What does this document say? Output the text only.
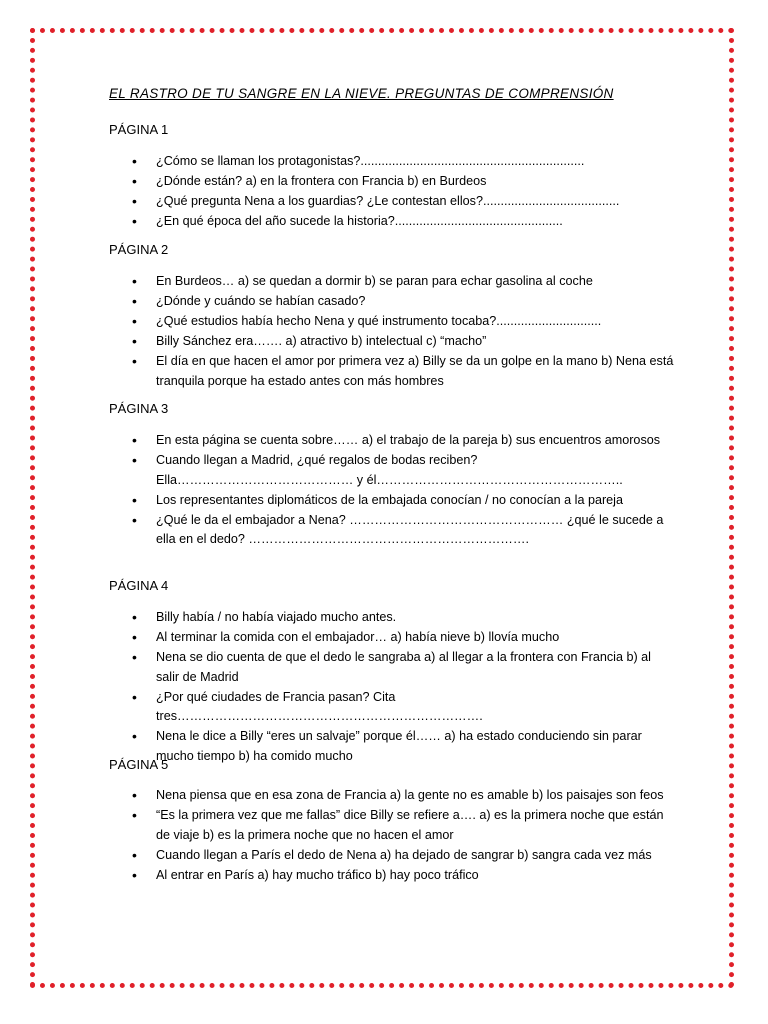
EL RASTRO DE TU SANGRE EN LA NIEVE. PREGUNTAS DE COMPRENSIÓN
PÁGINA 1
• ¿Cómo se llaman los protagonistas?................................................................
• ¿Dónde están? a) en la frontera con Francia b) en Burdeos
• ¿Qué pregunta Nena a los guardias? ¿Le contestan ellos?.......................................
• ¿En qué época del año sucede la historia?................................................
PÁGINA 2
• En Burdeos… a) se quedan a dormir b) se paran para echar gasolina al coche
• ¿Dónde y cuándo se habían casado?
• ¿Qué estudios había hecho Nena y qué instrumento tocaba?..............................
• Billy Sánchez era……. a) atractivo b) intelectual c) “macho”
• El día en que hacen el amor por primera vez a) Billy se da un golpe en la mano b) Nena está tranquila porque ha estado antes con más hombres
PÁGINA 3
• En esta página se cuenta sobre…… a) el trabajo de la pareja b) sus encuentros amorosos
• Cuando llegan a Madrid, ¿qué regalos de bodas reciben? Ella…………………………………… y él…………………………………………………..
• Los representantes diplomáticos de la embajada conocían / no conocían a la pareja
• ¿Qué le da el embajador a Nena? …………………………………………… ¿qué le sucede a ella en el dedo? ………………………………………………………….
PÁGINA 4
• Billy había / no había viajado mucho antes.
• Al terminar la comida con el embajador… a) había nieve b) llovía mucho
• Nena se dio cuenta de que el dedo le sangraba a) al llegar a la frontera con Francia b) al salir de Madrid
• ¿Por qué ciudades de Francia pasan? Cita tres……………………………………………………………….
• Nena le dice a Billy “eres un salvaje” porque él…… a) ha estado conduciendo sin parar mucho tiempo b) ha comido mucho
PÁGINA 5
• Nena piensa que en esa zona de Francia a) la gente no es amable b) los paisajes son feos
• “Es la primera vez que me fallas” dice Billy se refiere a…. a) es la primera noche que están de viaje b) es la primera noche que no hacen el amor
• Cuando llegan a París el dedo de Nena a) ha dejado de sangrar b) sangra cada vez más
• Al entrar en París a) hay mucho tráfico b) hay poco tráfico
